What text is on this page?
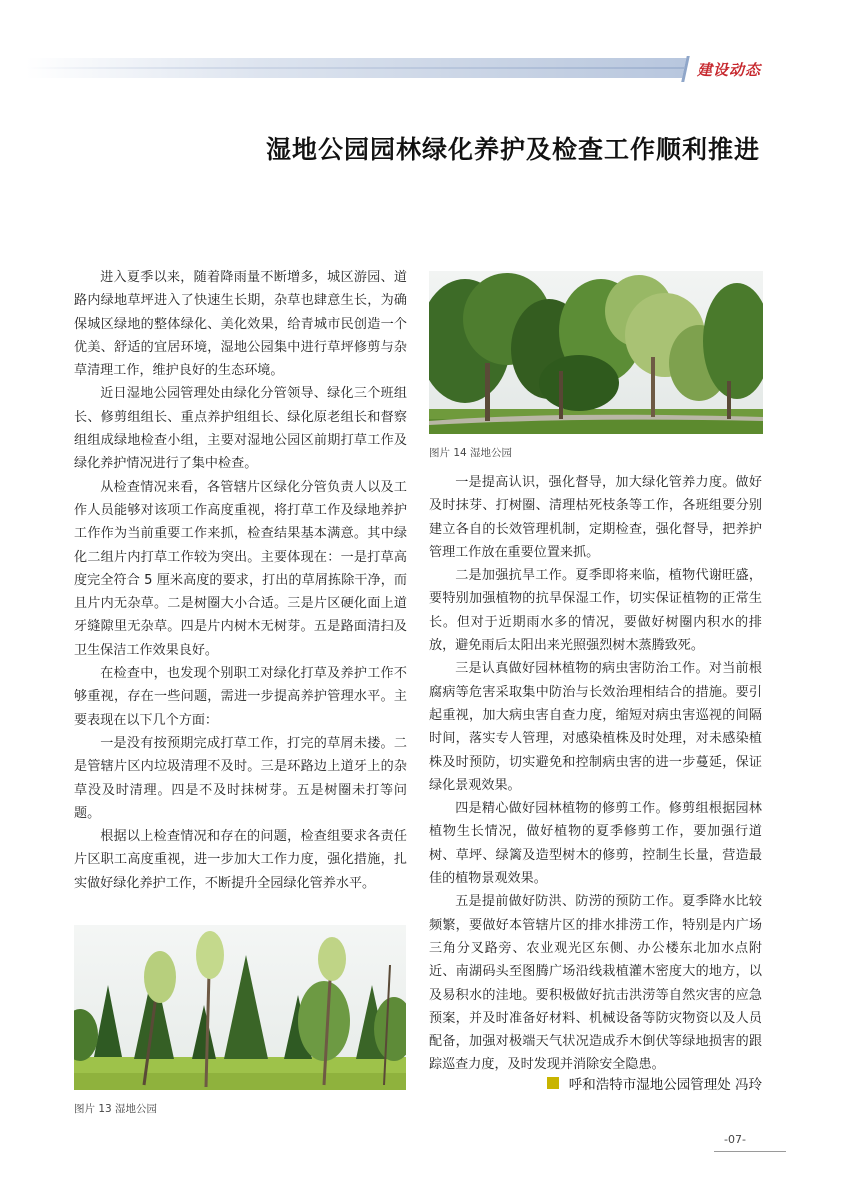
建设动态
湿地公园园林绿化养护及检查工作顺利推进

进入夏季以来，随着降雨量不断增多，城区游园、道路内绿地草坪进入了快速生长期，杂草也肆意生长，为确保城区绿地的整体绿化、美化效果，给青城市民创造一个优美、舒适的宜居环境，湿地公园集中进行草坪修剪与杂草清理工作，维护良好的生态环境。

近日湿地公园管理处由绿化分管领导、绿化三个班组长、修剪组组长、重点养护组组长、绿化原老组长和督察组组成绿地检查小组，主要对湿地公园区前期打草工作及绿化养护情况进行了集中检查。

从检查情况来看，各管辖片区绿化分管负责人以及工作人员能够对该项工作高度重视，将打草工作及绿地养护工作作为当前重要工作来抓，检查结果基本满意。其中绿化二组片内打草工作较为突出。主要体现在：一是打草高度完全符合 5 厘米高度的要求，打出的草屑拣除干净，而且片内无杂草。二是树圈大小合适。三是片区硬化面上道牙缝隙里无杂草。四是片内树木无树芽。五是路面清扫及卫生保洁工作效果良好。

在检查中，也发现个别职工对绿化打草及养护工作不够重视，存在一些问题，需进一步提高养护管理水平。主要表现在以下几个方面：

一是没有按预期完成打草工作，打完的草屑未搂。二是管辖片区内垃圾清理不及时。三是环路边上道牙上的杂草没及时清理。四是不及时抹树芽。五是树圈未打等问题。

根据以上检查情况和存在的问题，检查组要求各责任片区职工高度重视，进一步加大工作力度，强化措施，扎实做好绿化养护工作，不断提升全园绿化管养水平。

图片 14 湿地公园

一是提高认识，强化督导，加大绿化管养力度。做好及时抹芽、打树圈、清理枯死枝条等工作，各班组要分别建立各自的长效管理机制，定期检查，强化督导，把养护管理工作放在重要位置来抓。

二是加强抗旱工作。夏季即将来临，植物代谢旺盛，要特别加强植物的抗旱保湿工作，切实保证植物的正常生长。但对于近期雨水多的情况，要做好树圈内积水的排放，避免雨后太阳出来光照强烈树木蒸腾致死。

三是认真做好园林植物的病虫害防治工作。对当前根腐病等危害采取集中防治与长效治理相结合的措施。要引起重视，加大病虫害自查力度，缩短对病虫害巡视的间隔时间，落实专人管理，对感染植株及时处理，对未感染植株及时预防，切实避免和控制病虫害的进一步蔓延，保证绿化景观效果。

四是精心做好园林植物的修剪工作。修剪组根据园林植物生长情况，做好植物的夏季修剪工作，要加强行道树、草坪、绿篱及造型树木的修剪，控制生长量，营造最佳的植物景观效果。

五是提前做好防洪、防涝的预防工作。夏季降水比较频繁，要做好本管辖片区的排水排涝工作，特别是内广场三角分叉路旁、农业观光区东侧、办公楼东北加水点附近、南湖码头至图腾广场沿线栽植灌木密度大的地方，以及易积水的洼地。要积极做好抗击洪涝等自然灾害的应急预案，并及时准备好材料、机械设备等防灾物资以及人员配备，加强对极端天气状况造成乔木倒伏等绿地损害的跟踪巡查力度，及时发现并消除安全隐患。

呼和浩特市湿地公园管理处 冯玲
图片 13 湿地公园
-07-
